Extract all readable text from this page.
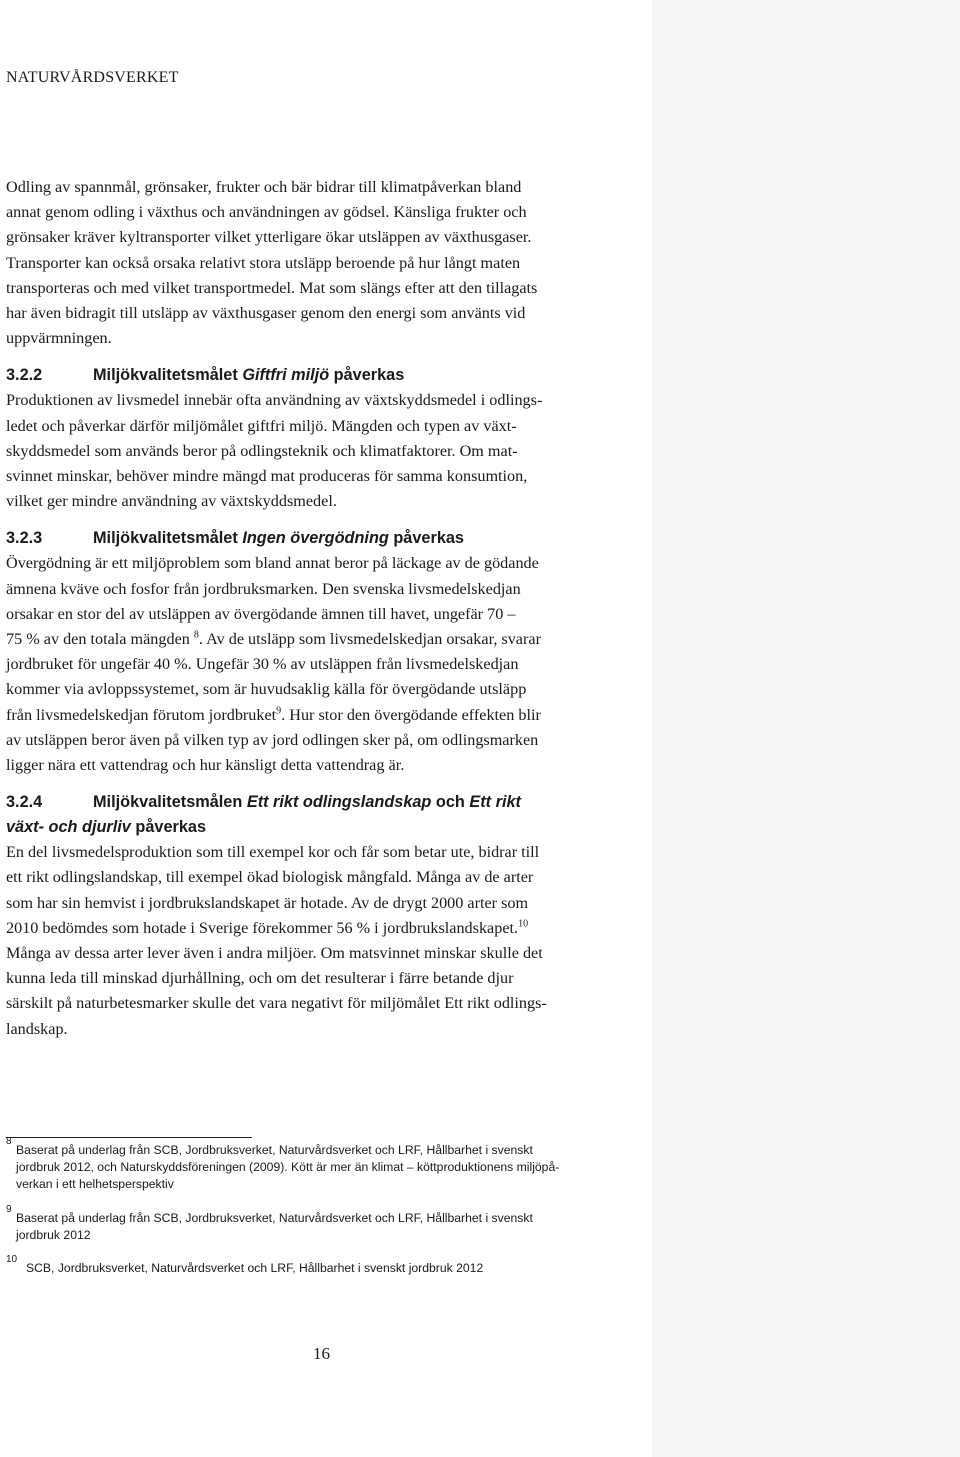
NATURVÅRDSVERKET
Odling av spannmål, grönsaker, frukter och bär bidrar till klimatpåverkan bland
annat genom odling i växthus och användningen av gödsel. Känsliga frukter och
grönsaker kräver kyltransporter vilket ytterligare ökar utsläppen av växthusgaser.
Transporter kan också orsaka relativt stora utsläpp beroende på hur långt maten
transporteras och med vilket transportmedel. Mat som slängs efter att den tillagats
har även bidragit till utsläpp av växthusgaser genom den energi som använts vid
uppvärmningen.
3.2.2	Miljökvalitetsmålet Giftfri miljö påverkas
Produktionen av livsmedel innebär ofta användning av växtskyddsmedel i odlings-
ledet och påverkar därför miljömålet giftfri miljö. Mängden och typen av växt-
skyddsmedel som används beror på odlingsteknik och klimatfaktorer. Om mat-
svinnet minskar, behöver mindre mängd mat produceras för samma konsumtion,
vilket ger mindre användning av växtskyddsmedel.
3.2.3	Miljökvalitetsmålet Ingen övergödning påverkas
Övergödning är ett miljöproblem som bland annat beror på läckage av de gödande
ämnena kväve och fosfor från jordbruksmarken. Den svenska livsmedelskedjan
orsakar en stor del av utsläppen av övergödande ämnen till havet, ungefär 70 –
75 % av den totala mängden $^8$. Av de utsläpp som livsmedelskedjan orsakar, svarar
jordbruket för ungefär 40 %. Ungefär 30 % av utsläppen från livsmedelskedjan
kommer via avloppssystemet, som är huvudsaklig källa för övergödande utsläpp
från livsmedelskedjan förutom jordbruket$^9$. Hur stor den övergödande effekten blir
av utsläppen beror även på vilken typ av jord odlingen sker på, om odlingsmarken
ligger nära ett vattendrag och hur känsligt detta vattendrag är.
3.2.4	Miljökvalitetsmålen Ett rikt odlingslandskap och Ett rikt
växt- och djurliv påverkas
En del livsmedelsproduktion som till exempel kor och får som betar ute, bidrar till
ett rikt odlingslandskap, till exempel ökad biologisk mångfald. Många av de arter
som har sin hemvist i jordbrukslandskapet är hotade. Av de drygt 2000 arter som
2010 bedömdes som hotade i Sverige förekommer 56 % i jordbrukslandskapet.$^{10}$
Många av dessa arter lever även i andra miljöer. Om matsvinnet minskar skulle det
kunna leda till minskad djurhållning, och om det resulterar i färre betande djur
särskilt på naturbetesmarker skulle det vara negativt för miljömålet Ett rikt odlings-
landskap.
8
Baserat på underlag från SCB, Jordbruksverket, Naturvårdsverket och LRF, Hållbarhet i svenskt
jordbruk 2012, och Naturskyddsföreningen (2009). Kött är mer än klimat – köttproduktionens miljöpå-
verkan i ett helhetsperspektiv
9
Baserat på underlag från SCB, Jordbruksverket, Naturvårdsverket och LRF, Hållbarhet i svenskt
jordbruk 2012
10
SCB, Jordbruksverket, Naturvårdsverket och LRF, Hållbarhet i svenskt jordbruk 2012
16
